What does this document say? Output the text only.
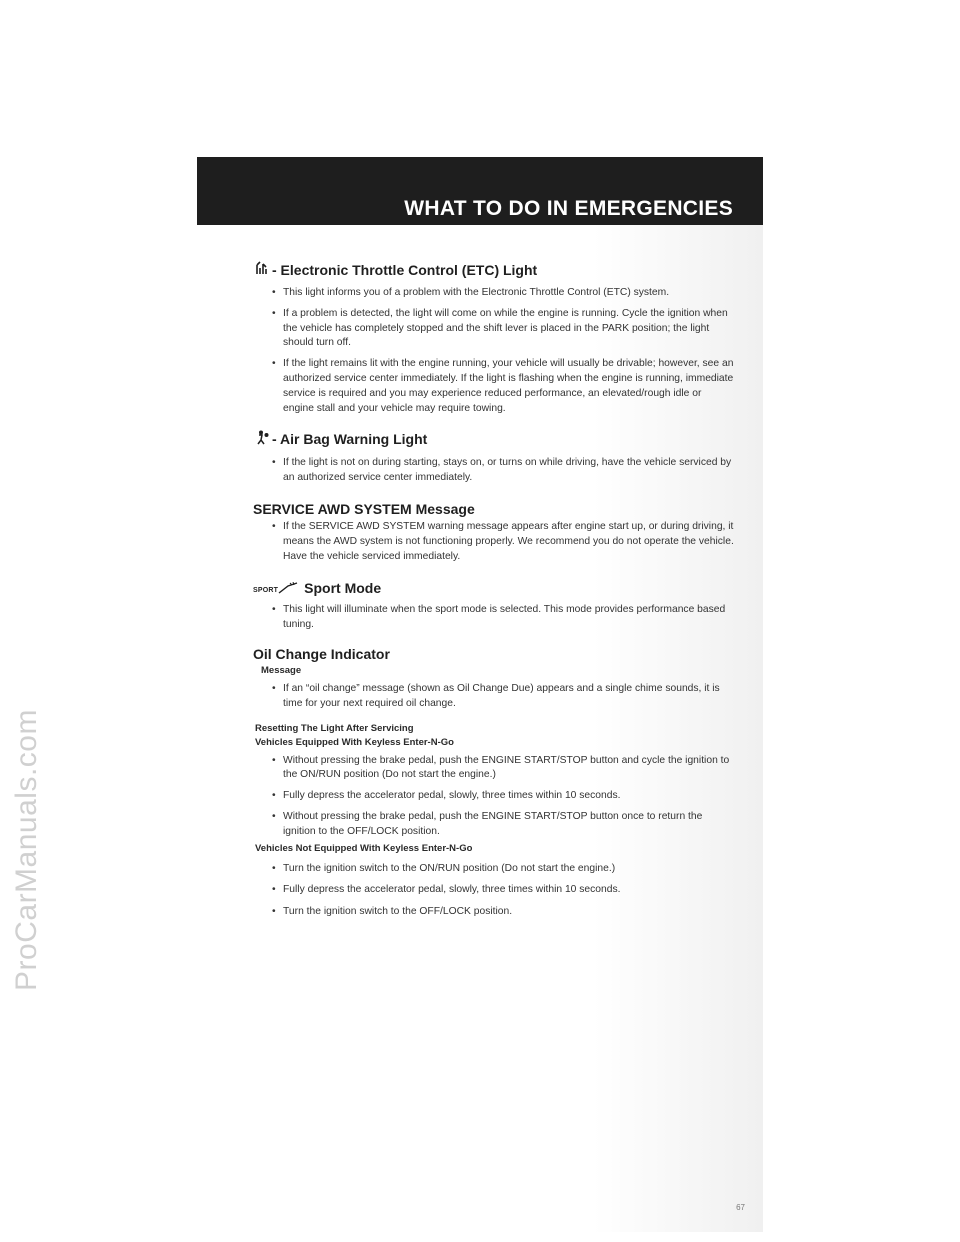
ProCarManuals.com
WHAT TO DO IN EMERGENCIES
- Electronic Throttle Control (ETC) Light
• This light informs you of a problem with the Electronic Throttle Control (ETC) system.
• If a problem is detected, the light will come on while the engine is running. Cycle the ignition when the vehicle has completely stopped and the shift lever is placed in the PARK position; the light should turn off.
• If the light remains lit with the engine running, your vehicle will usually be drivable; however, see an authorized service center immediately. If the light is flashing when the engine is running, immediate service is required and you may experience reduced performance, an elevated/rough idle or engine stall and your vehicle may require towing.
- Air Bag Warning Light
• If the light is not on during starting, stays on, or turns on while driving, have the vehicle serviced by an authorized service center immediately.
SERVICE AWD SYSTEM Message
• If the SERVICE AWD SYSTEM warning message appears after engine start up, or during driving, it means the AWD system is not functioning properly. We recommend you do not operate the vehicle. Have the vehicle serviced immediately.
SPORT Sport Mode
• This light will illuminate when the sport mode is selected. This mode provides performance based tuning.
Oil Change Indicator
Message
• If an “oil change” message (shown as Oil Change Due) appears and a single chime sounds, it is time for your next required oil change.
Resetting The Light After Servicing
Vehicles Equipped With Keyless Enter-N-Go
• Without pressing the brake pedal, push the ENGINE START/STOP button and cycle the ignition to the ON/RUN position (Do not start the engine.)
• Fully depress the accelerator pedal, slowly, three times within 10 seconds.
• Without pressing the brake pedal, push the ENGINE START/STOP button once to return the ignition to the OFF/LOCK position.
Vehicles Not Equipped With Keyless Enter-N-Go
• Turn the ignition switch to the ON/RUN position (Do not start the engine.)
• Fully depress the accelerator pedal, slowly, three times within 10 seconds.
• Turn the ignition switch to the OFF/LOCK position.
67
